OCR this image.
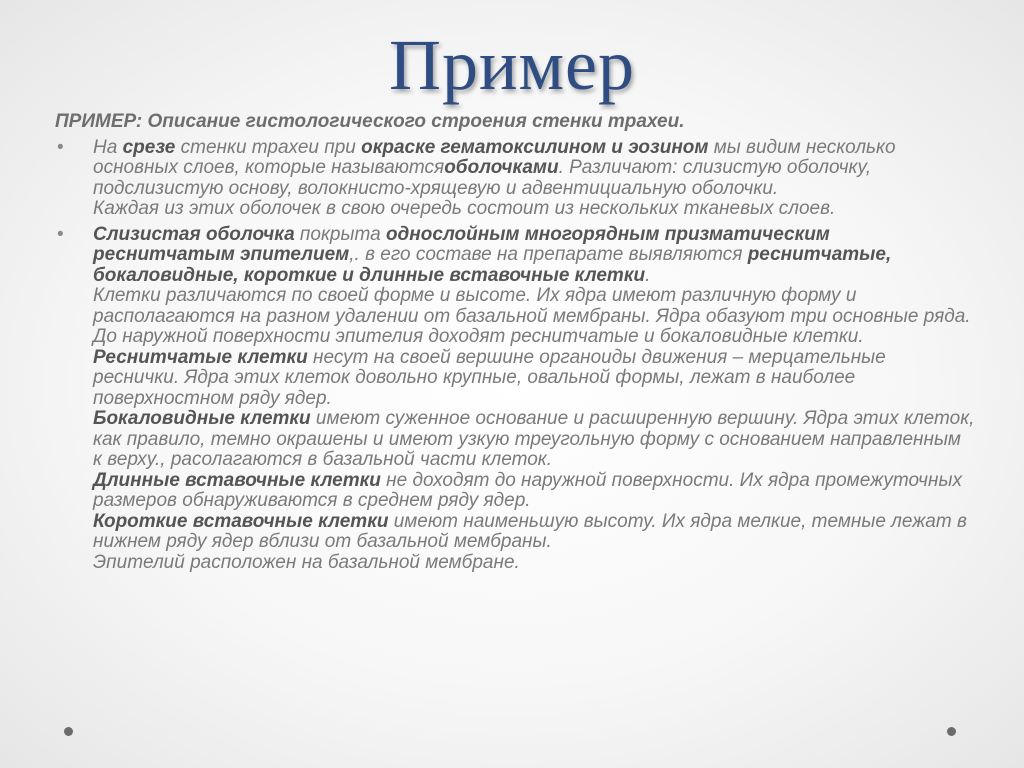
Пример

ПРИМЕР: Описание гистологического строения стенки трахеи.

• На срезе стенки трахеи при окраске гематоксилином и эозином мы видим несколько основных слоев, которые называютсяоболочками. Различают: слизистую оболочку, подслизистую основу, волокнисто-хрящевую и адвентициальную оболочки.

Каждая из этих оболочек в свою очередь состоит из нескольких тканевых слоев.

• Слизистая оболочка покрыта однослойным многорядным призматическим реснитчатым эпителием,. в его составе на препарате выявляются реснитчатые, бокаловидные, короткие и длинные вставочные клетки.

Клетки различаются по своей форме и высоте. Их ядра имеют различную форму и располагаются на разном удалении от базальной мембраны. Ядра обазуют три основные ряда.

До наружной поверхности эпителия доходят реснитчатые и бокаловидные клетки.

Реснитчатые клетки несут на своей вершине органоиды движения – мерцательные реснички. Ядра этих клеток довольно крупные, овальной формы, лежат в наиболее поверхностном ряду ядер.

Бокаловидные клетки имеют суженное основание и расширенную вершину. Ядра этих клеток, как правило, темно окрашены и имеют узкую треугольную форму с основанием направленным к верху., расолагаются в базальной части клеток.

Длинные вставочные клетки не доходят до наружной поверхности. Их ядра промежуточных размеров обнаруживаются в среднем ряду ядер.

Короткие вставочные клетки имеют наименьшую высоту. Их ядра мелкие, темные лежат в нижнем ряду ядер вблизи от базальной мембраны.

Эпителий расположен на базальной мембране.
